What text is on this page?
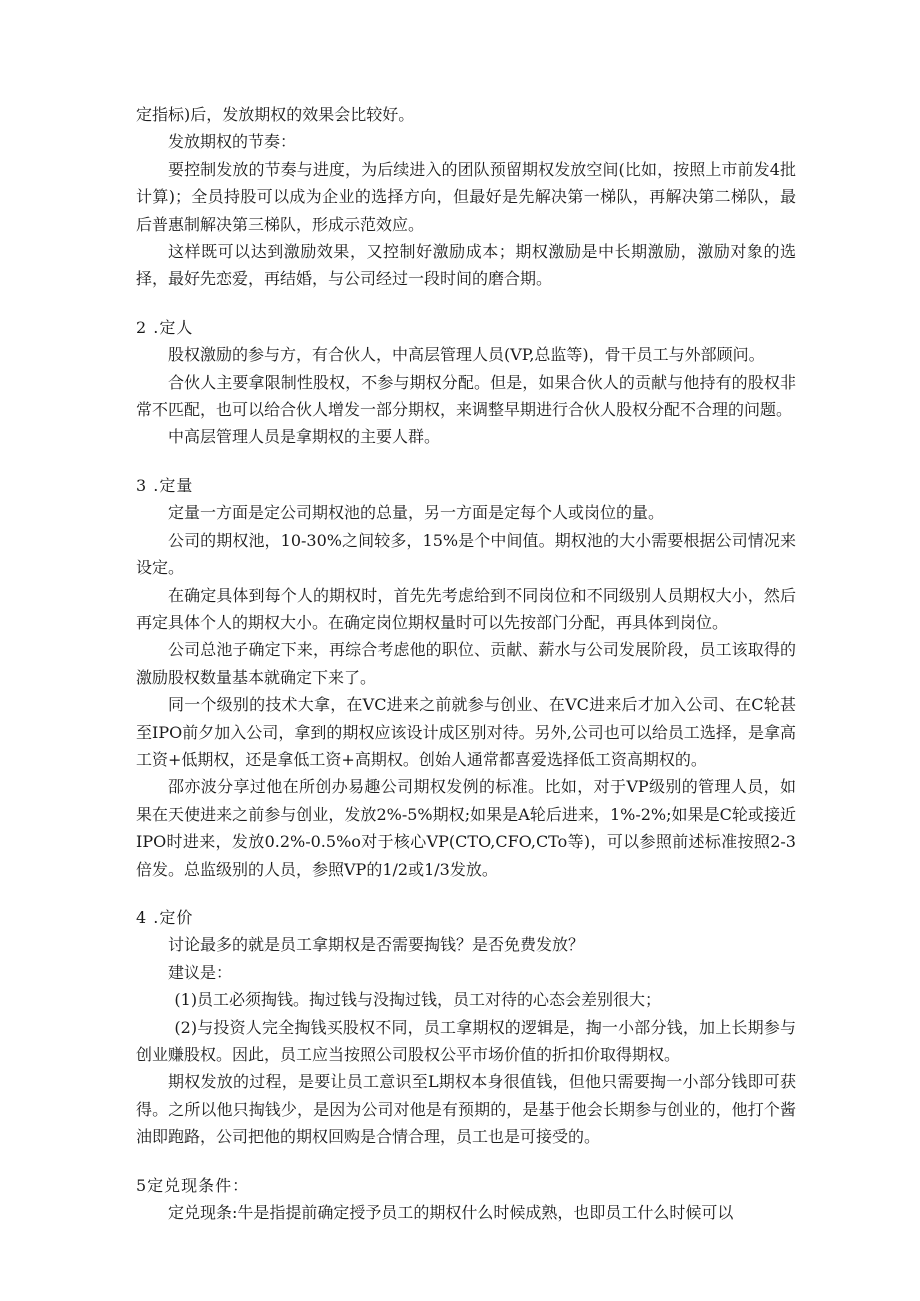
定指标)后，发放期权的效果会比较好。

发放期权的节奏：

要控制发放的节奏与进度，为后续进入的团队预留期权发放空间(比如，按照上市前发4批计算)；全员持股可以成为企业的选择方向，但最好是先解决第一梯队，再解决第二梯队，最后普惠制解决第三梯队，形成示范效应。

这样既可以达到激励效果，又控制好激励成本；期权激励是中长期激励，激励对象的选择，最好先恋爱，再结婚，与公司经过一段时间的磨合期。

2 .定人

股权激励的参与方，有合伙人，中高层管理人员(VP,总监等)，骨干员工与外部顾问。

合伙人主要拿限制性股权，不参与期权分配。但是，如果合伙人的贡献与他持有的股权非常不匹配，也可以给合伙人增发一部分期权，来调整早期进行合伙人股权分配不合理的问题。

中高层管理人员是拿期权的主要人群。

3 .定量

定量一方面是定公司期权池的总量，另一方面是定每个人或岗位的量。

公司的期权池，10-30%之间较多，15%是个中间值。期权池的大小需要根据公司情况来设定。

在确定具体到每个人的期权时，首先先考虑给到不同岗位和不同级别人员期权大小，然后再定具体个人的期权大小。在确定岗位期权量时可以先按部门分配，再具体到岗位。

公司总池子确定下来，再综合考虑他的职位、贡献、薪水与公司发展阶段，员工该取得的激励股权数量基本就确定下来了。

同一个级别的技术大拿，在VC进来之前就参与创业、在VC进来后才加入公司、在C轮甚至IPO前夕加入公司，拿到的期权应该设计成区别对待。另外,公司也可以给员工选择，是拿高工资+低期权，还是拿低工资+高期权。创始人通常都喜爱选择低工资高期权的。

邵亦波分享过他在所创办易趣公司期权发例的标准。比如，对于VP级别的管理人员，如果在天使进来之前参与创业，发放2%-5%期权;如果是A轮后进来，1%-2%;如果是C轮或接近IPO时进来，发放0.2%-0.5%o对于核心VP(CTO,CFO,CTo等)，可以参照前述标准按照2-3倍发。总监级别的人员，参照VP的1/2或1/3发放。

4 .定价

讨论最多的就是员工拿期权是否需要掏钱？是否免费发放？

建议是：

(1)员工必须掏钱。掏过钱与没掏过钱，员工对待的心态会差别很大；

(2)与投资人完全掏钱买股权不同，员工拿期权的逻辑是，掏一小部分钱，加上长期参与创业赚股权。因此，员工应当按照公司股权公平市场价值的折扣价取得期权。

期权发放的过程，是要让员工意识至L期权本身很值钱，但他只需要掏一小部分钱即可获得。之所以他只掏钱少，是因为公司对他是有预期的，是基于他会长期参与创业的，他打个酱油即跑路，公司把他的期权回购是合情合理，员工也是可接受的。

5定兑现条件：

定兑现条:牛是指提前确定授予员工的期权什么时候成熟，也即员工什么时候可以
